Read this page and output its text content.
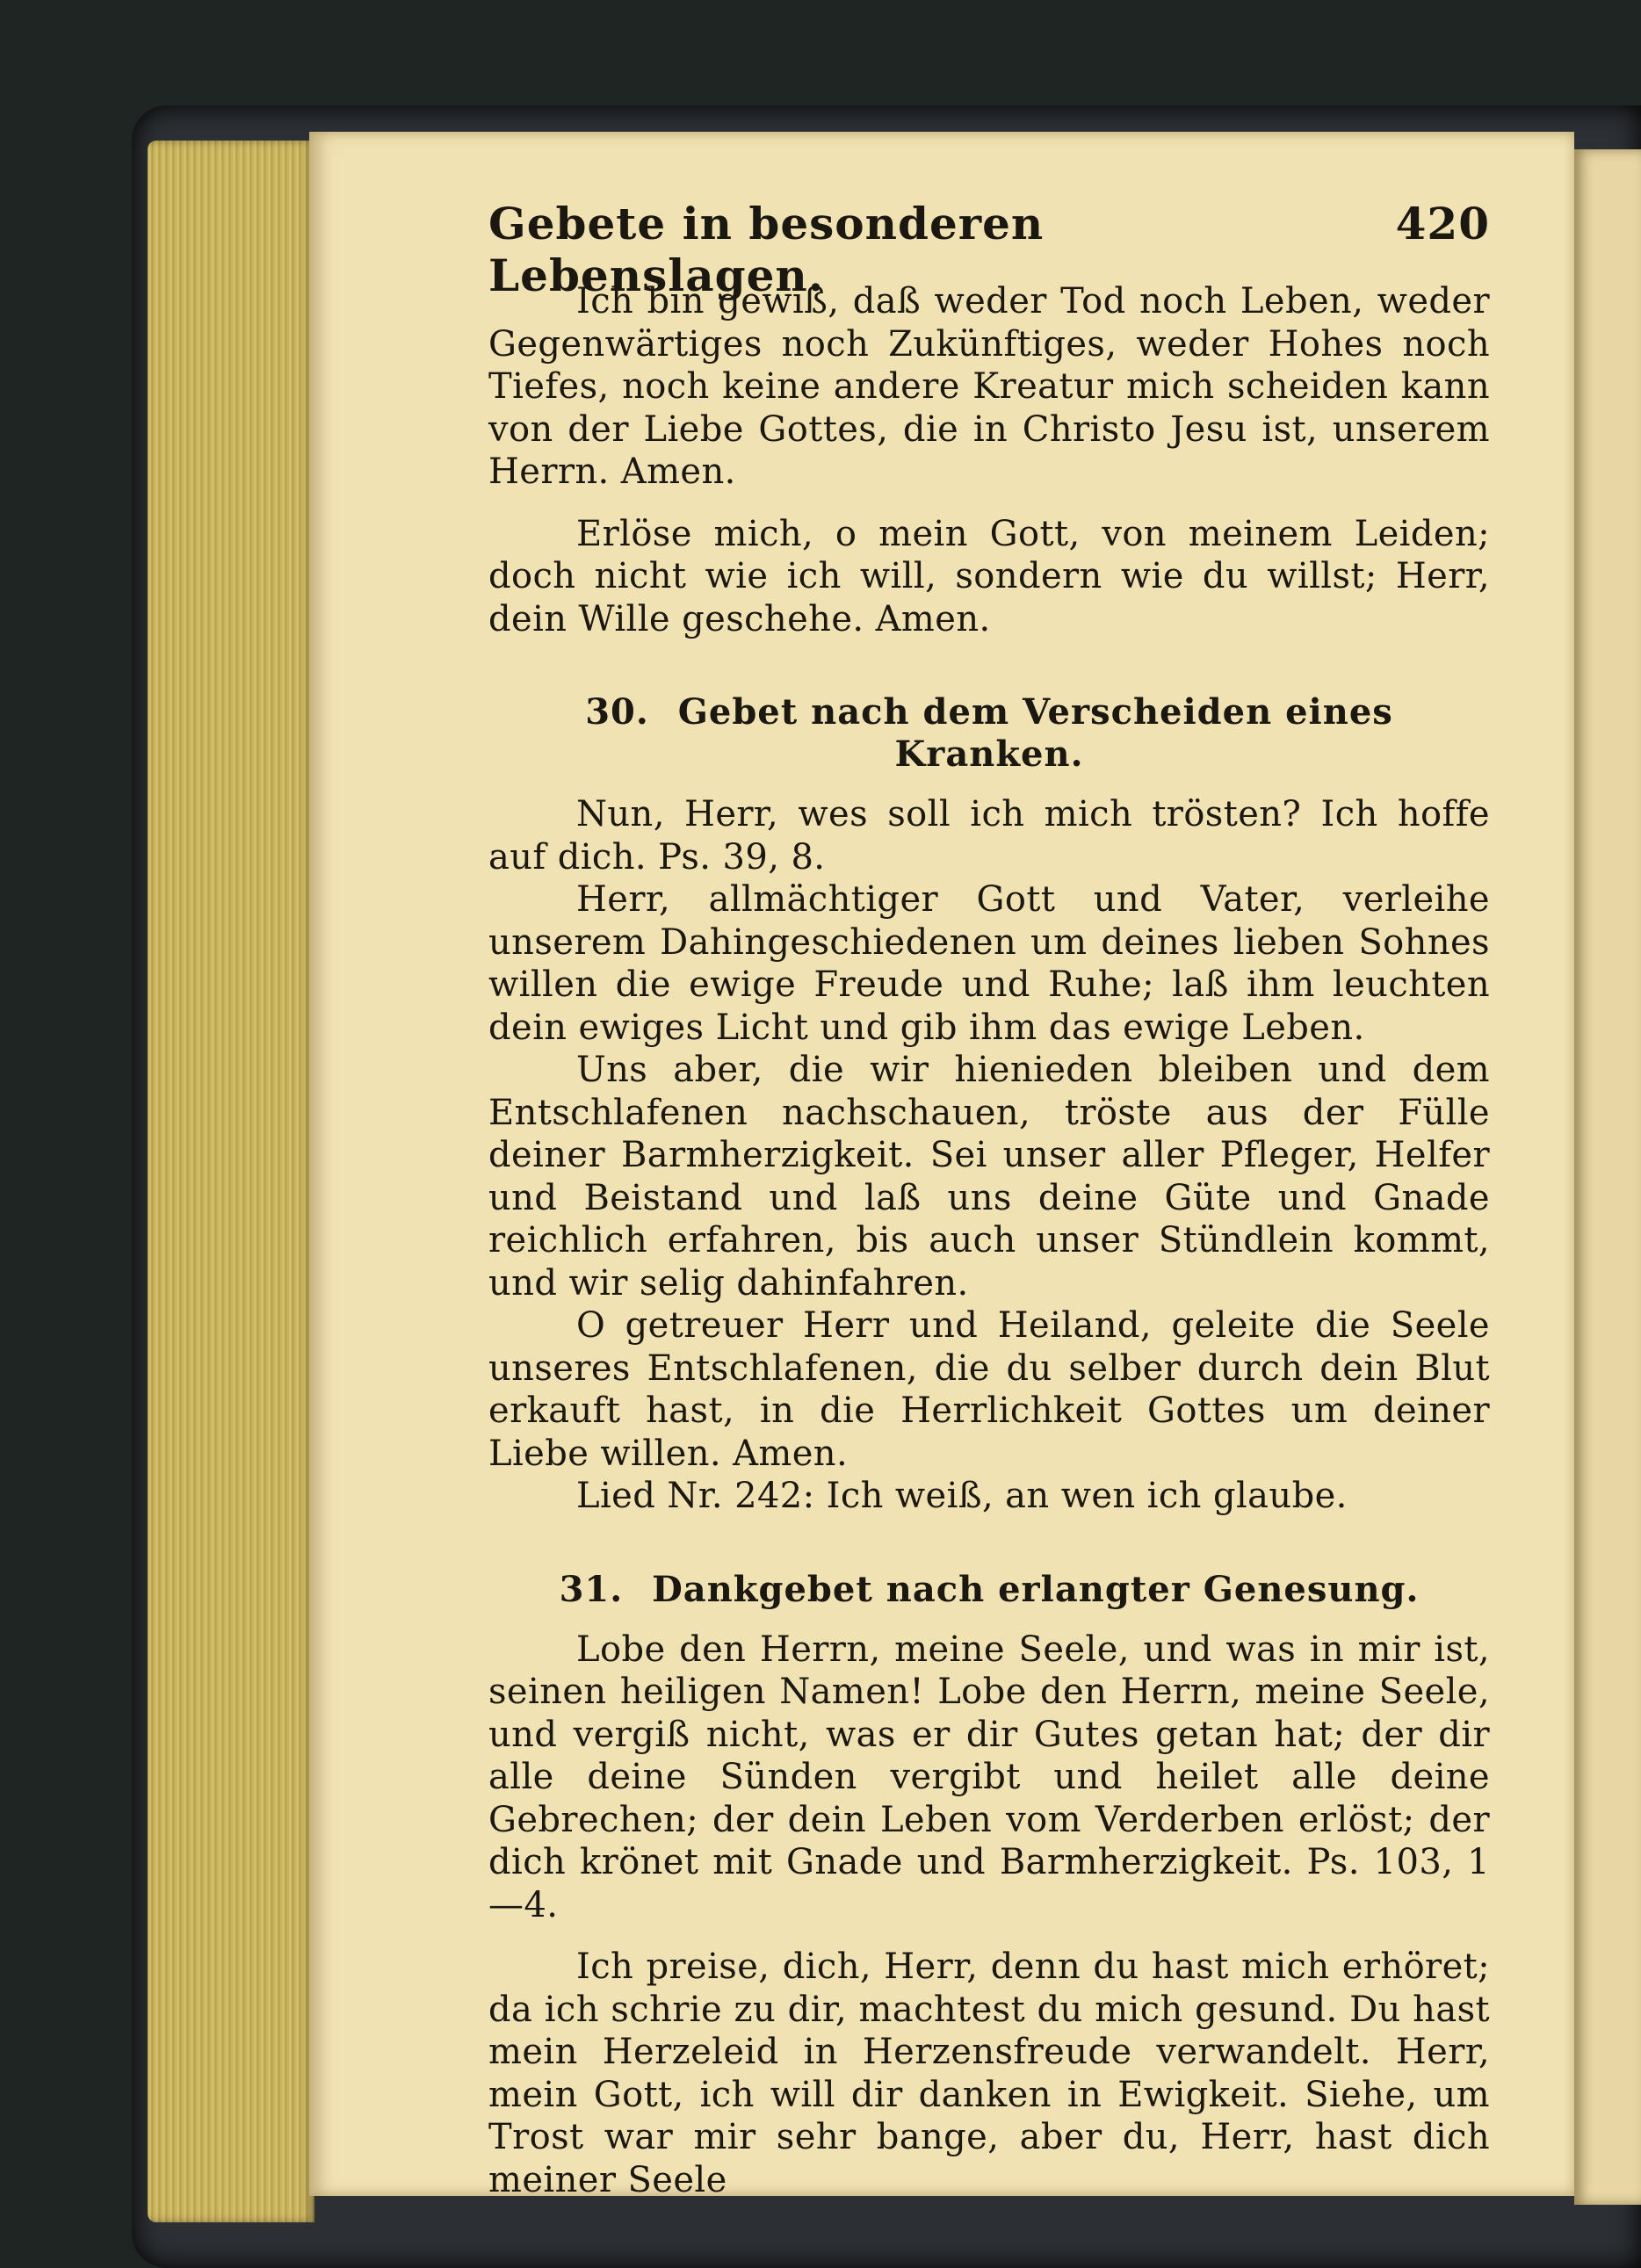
Gebete in besonderen Lebenslagen.
420

Ich bin gewiß, daß weder Tod noch Leben, weder Gegenwärtiges noch Zukünftiges, weder Hohes noch Tiefes, noch keine andere Kreatur mich scheiden kann von der Liebe Gottes, die in Christo Jesu ist, unserem Herrn. Amen.

Erlöse mich, o mein Gott, von meinem Leiden; doch nicht wie ich will, sondern wie du willst; Herr, dein Wille geschehe. Amen.

30. Gebet nach dem Verscheiden eines Kranken.

Nun, Herr, wes soll ich mich trösten? Ich hoffe auf dich. Ps. 39, 8.

Herr, allmächtiger Gott und Vater, verleihe unserem Dahingeschiedenen um deines lieben Sohnes willen die ewige Freude und Ruhe; laß ihm leuchten dein ewiges Licht und gib ihm das ewige Leben.

Uns aber, die wir hienieden bleiben und dem Entschlafenen nachschauen, tröste aus der Fülle deiner Barmherzigkeit. Sei unser aller Pfleger, Helfer und Beistand und laß uns deine Güte und Gnade reichlich erfahren, bis auch unser Stündlein kommt, und wir selig dahinfahren.

O getreuer Herr und Heiland, geleite die Seele unseres Entschlafenen, die du selber durch dein Blut erkauft hast, in die Herrlichkeit Gottes um deiner Liebe willen. Amen.

Lied Nr. 242: Ich weiß, an wen ich glaube.

31. Dankgebet nach erlangter Genesung.

Lobe den Herrn, meine Seele, und was in mir ist, seinen heiligen Namen! Lobe den Herrn, meine Seele, und vergiß nicht, was er dir Gutes getan hat; der dir alle deine Sünden vergibt und heilet alle deine Gebrechen; der dein Leben vom Verderben erlöst; der dich krönet mit Gnade und Barmherzigkeit. Ps. 103, 1—4.

Ich preise, dich, Herr, denn du hast mich erhöret; da ich schrie zu dir, machtest du mich gesund. Du hast mein Herzeleid in Herzensfreude verwandelt. Herr, mein Gott, ich will dir danken in Ewigkeit. Siehe, um Trost war mir sehr bange, aber du, Herr, hast dich meiner Seele
